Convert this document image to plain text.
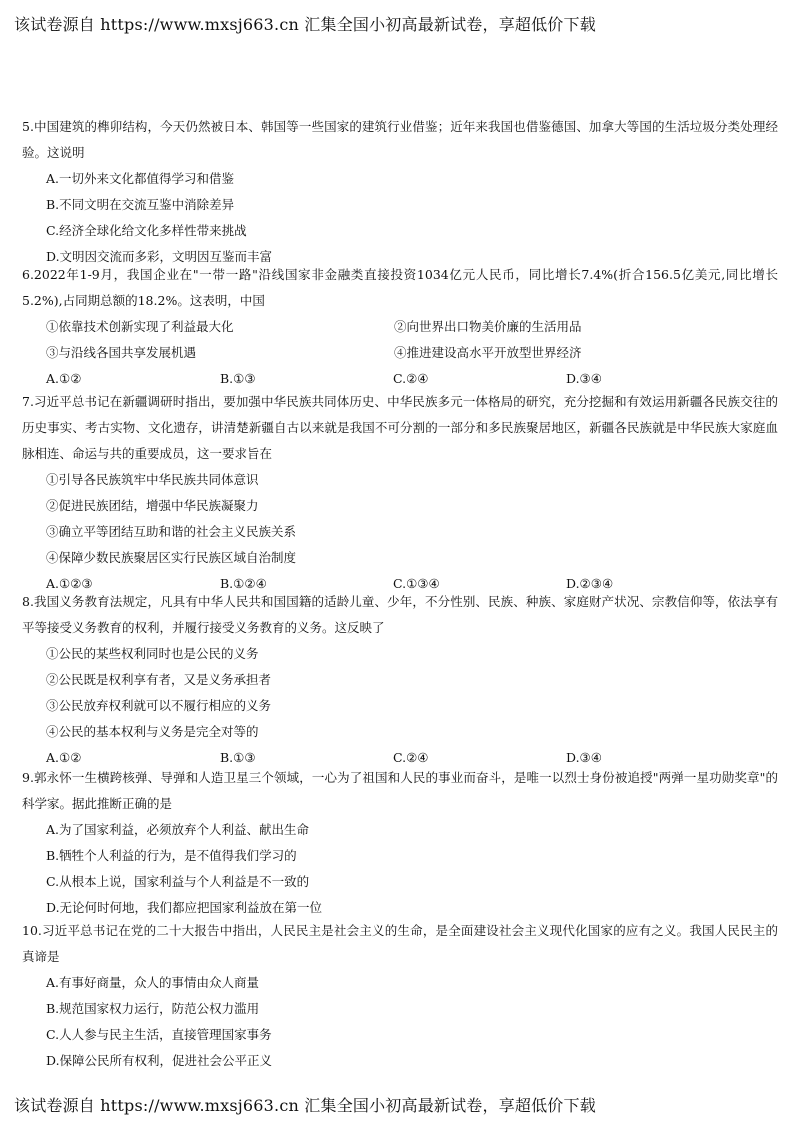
该试卷源自 https://www.mxsj663.cn 汇集全国小初高最新试卷，享超低价下载

5.中国建筑的榫卯结构，今天仍然被日本、韩国等一些国家的建筑行业借鉴；近年来我国也借鉴德国、加拿大等国的生活垃圾分类处理经验。这说明

A.一切外来文化都值得学习和借鉴
B.不同文明在交流互鉴中消除差异
C.经济全球化给文化多样性带来挑战
D.文明因交流而多彩，文明因互鉴而丰富

6.2022年1-9月，我国企业在"一带一路"沿线国家非金融类直接投资1034亿元人民币，同比增长7.4%(折合156.5亿美元,同比增长5.2%),占同期总额的18.2%。这表明，中国

①依靠技术创新实现了利益最大化	②向世界出口物美价廉的生活用品
③与沿线各国共享发展机遇	④推进建设高水平开放型世界经济
A.①②	B.①③	C.②④	D.③④

7.习近平总书记在新疆调研时指出，要加强中华民族共同体历史、中华民族多元一体格局的研究，充分挖掘和有效运用新疆各民族交往的历史事实、考古实物、文化遗存，讲清楚新疆自古以来就是我国不可分割的一部分和多民族聚居地区，新疆各民族就是中华民族大家庭血脉相连、命运与共的重要成员，这一要求旨在

①引导各民族筑牢中华民族共同体意识
②促进民族团结，增强中华民族凝聚力
③确立平等团结互助和谐的社会主义民族关系
④保障少数民族聚居区实行民族区域自治制度
A.①②③	B.①②④	C.①③④	D.②③④

8.我国义务教育法规定，凡具有中华人民共和国国籍的适龄儿童、少年，不分性别、民族、种族、家庭财产状况、宗教信仰等，依法享有平等接受义务教育的权利，并履行接受义务教育的义务。这反映了

①公民的某些权利同时也是公民的义务
②公民既是权利享有者，又是义务承担者
③公民放弃权利就可以不履行相应的义务
④公民的基本权利与义务是完全对等的
A.①②	B.①③	C.②④	D.③④

9.郭永怀一生横跨核弹、导弹和人造卫星三个领域，一心为了祖国和人民的事业而奋斗，是唯一以烈士身份被追授"两弹一星功勋奖章"的科学家。据此推断正确的是

A.为了国家利益，必须放弃个人利益、献出生命
B.牺牲个人利益的行为，是不值得我们学习的
C.从根本上说，国家利益与个人利益是不一致的
D.无论何时何地，我们都应把国家利益放在第一位

10.习近平总书记在党的二十大报告中指出，人民民主是社会主义的生命，是全面建设社会主义现代化国家的应有之义。我国人民民主的真谛是

A.有事好商量，众人的事情由众人商量
B.规范国家权力运行，防范公权力滥用
C.人人参与民主生活，直接管理国家事务
D.保障公民所有权利，促进社会公平正义
该试卷源自 https://www.mxsj663.cn 汇集全国小初高最新试卷，享超低价下载
